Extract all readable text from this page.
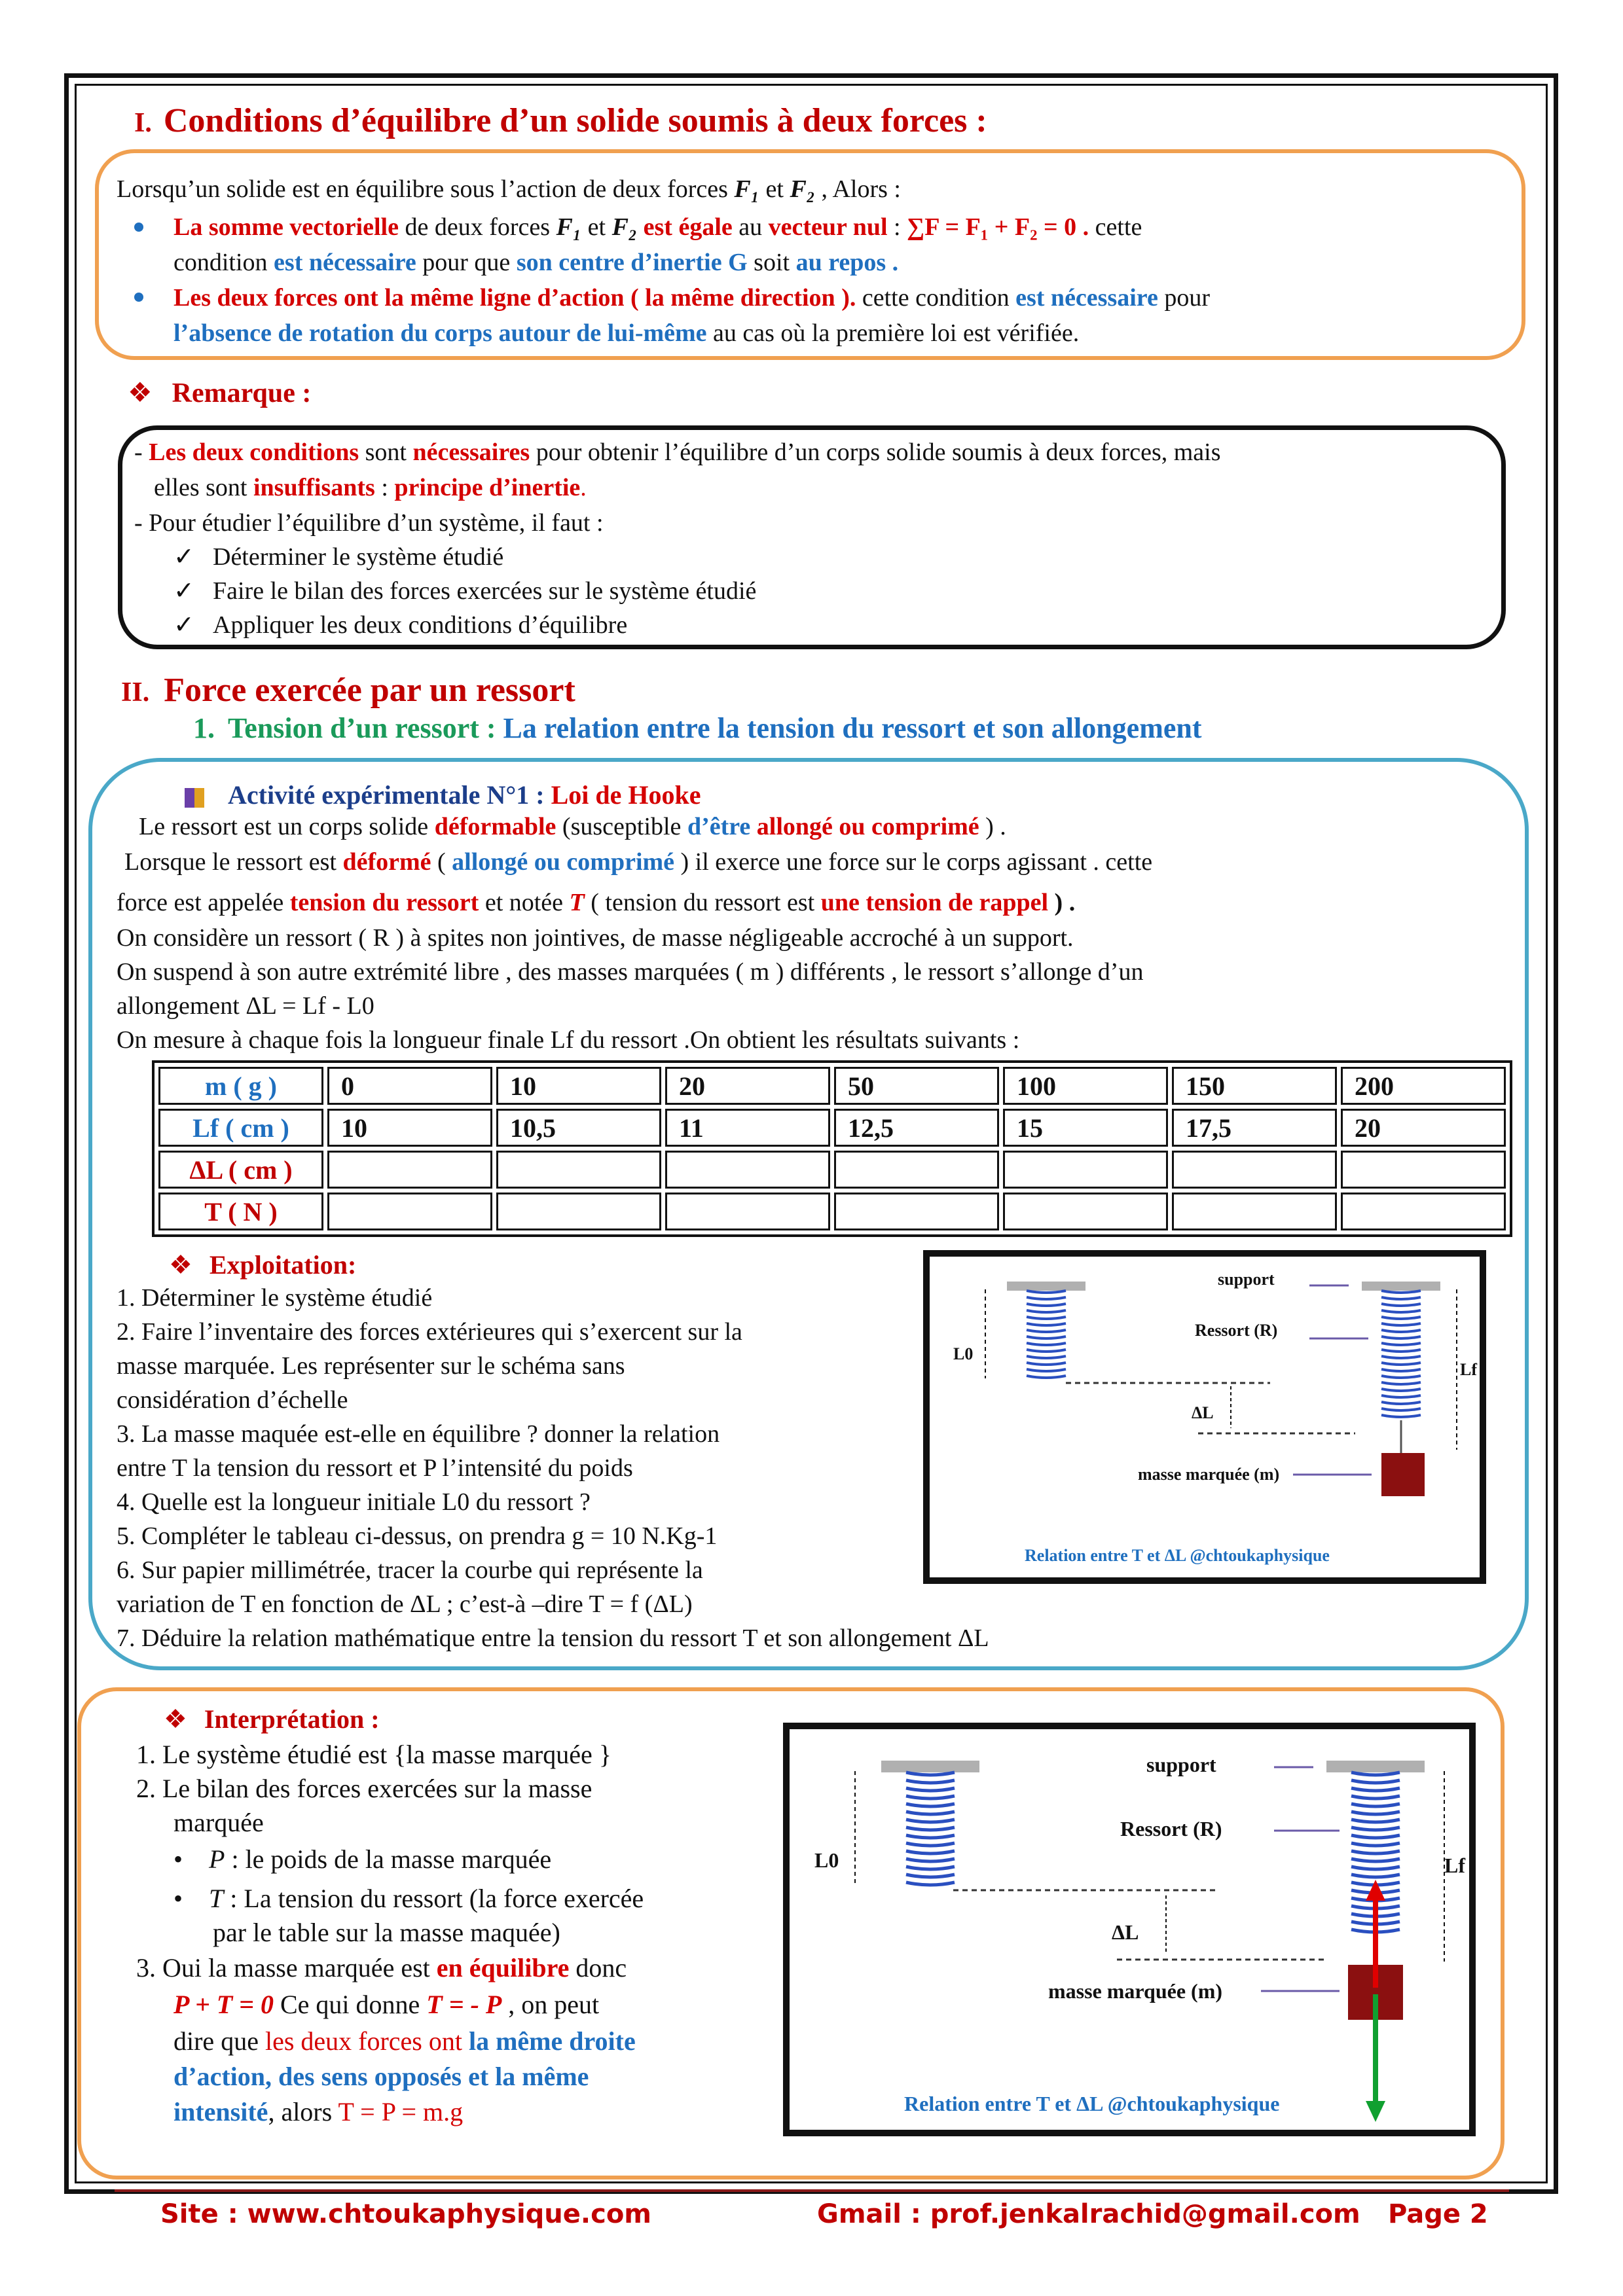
I. Conditions d’équilibre d’un solide soumis à deux forces :
Lorsqu’un solide est en équilibre sous l’action de deux forces F₁ et F₂ , Alors :
La somme vectorielle de deux forces F₁ et F₂ est égale au vecteur nul : ∑F = F₁ + F₂ = 0 . cette
condition est nécessaire pour que son centre d’inertie G soit au repos .
Les deux forces ont la même ligne d’action ( la même direction ). cette condition est nécessaire pour
l’absence de rotation du corps autour de lui-même au cas où la première loi est vérifiée.
❖ Remarque :
- Les deux conditions sont nécessaires pour obtenir l’équilibre d’un corps solide soumis à deux forces, mais
elles sont insuffisants : principe d’inertie.
- Pour étudier l’équilibre d’un système, il faut :
✓ Déterminer le système étudié
✓ Faire le bilan des forces exercées sur le système étudié
✓ Appliquer les deux conditions d’équilibre
II. Force exercée par un ressort
1. Tension d’un ressort : La relation entre la tension du ressort et son allongement
Activité expérimentale N°1 : Loi de Hooke
Le ressort est un corps solide déformable (susceptible d’être allongé ou comprimé ) .
Lorsque le ressort est déformé ( allongé ou comprimé ) il exerce une force sur le corps agissant . cette
force est appelée tension du ressort et notée T ( tension du ressort est une tension de rappel ) .
On considère un ressort ( R ) à spites non jointives, de masse négligeable accroché à un support.
On suspend à son autre extrémité libre , des masses marquées ( m ) différents , le ressort s’allonge d’un
allongement ΔL = Lf - L0
On mesure à chaque fois la longueur finale Lf du ressort .On obtient les résultats suivants :
m ( g )	0	10	20	50	100	150	200
Lf ( cm )	10	10,5	11	12,5	15	17,5	20
ΔL ( cm )							
T ( N )							
❖ Exploitation:
1. Déterminer le système étudié
2. Faire l’inventaire des forces extérieures qui s’exercent sur la
masse marquée. Les représenter sur le schéma sans
considération d’échelle
3. La masse maquée est-elle en équilibre ? donner la relation
entre T la tension du ressort et P l’intensité du poids
4. Quelle est la longueur initiale L0 du ressort ?
5. Compléter le tableau ci-dessus, on prendra g = 10 N.Kg-1
6. Sur papier millimétrée, tracer la courbe qui représente la
variation de T en fonction de ΔL ; c’est-à –dire T = f (ΔL)
7. Déduire la relation mathématique entre la tension du ressort T et son allongement ΔL
support
Ressort (R)
L0
Lf
ΔL
masse marquée (m)
Relation entre T et ΔL @chtoukaphysique
❖ Interprétation :
1. Le système étudié est {la masse marquée }
2. Le bilan des forces exercées sur la masse
marquée
• P : le poids de la masse marquée
• T : La tension du ressort (la force exercée
par le table sur la masse maquée)
3. Oui la masse marquée est en équilibre donc
P + T = 0 Ce qui donne T = - P , on peut
dire que les deux forces ont la même droite
d’action, des sens opposés et la même
intensité, alors T = P = m.g
support
Ressort (R)
L0	Lf
ΔL
masse marquée (m)
Relation entre T et ΔL @chtoukaphysique
Site : www.chtoukaphysique.com	Gmail : prof.jenkalrachid@gmail.com Page 2
